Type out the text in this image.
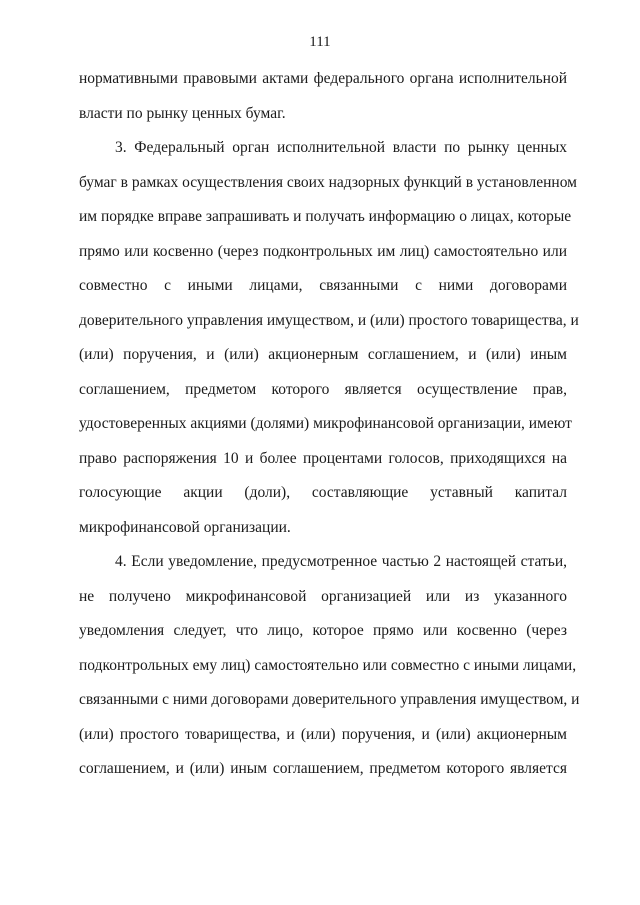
111
нормативными правовыми актами федерального органа исполнительной
власти по рынку ценных бумаг.
3. Федеральный орган исполнительной власти по рынку ценных
бумаг в рамках осуществления своих надзорных функций в установленном
им порядке вправе запрашивать и получать информацию о лицах, которые
прямо или косвенно (через подконтрольных им лиц) самостоятельно или
совместно с иными лицами, связанными с ними договорами
доверительного управления имуществом, и (или) простого товарищества, и
(или) поручения, и (или) акционерным соглашением, и (или) иным
соглашением, предметом которого является осуществление прав,
удостоверенных акциями (долями) микрофинансовой организации, имеют
право распоряжения 10 и более процентами голосов, приходящихся на
голосующие акции (доли), составляющие уставный капитал
микрофинансовой организации.
4. Если уведомление, предусмотренное частью 2 настоящей статьи,
не получено микрофинансовой организацией или из указанного
уведомления следует, что лицо, которое прямо или косвенно (через
подконтрольных ему лиц) самостоятельно или совместно с иными лицами,
связанными с ними договорами доверительного управления имуществом, и
(или) простого товарищества, и (или) поручения, и (или) акционерным
соглашением, и (или) иным соглашением, предметом которого является
